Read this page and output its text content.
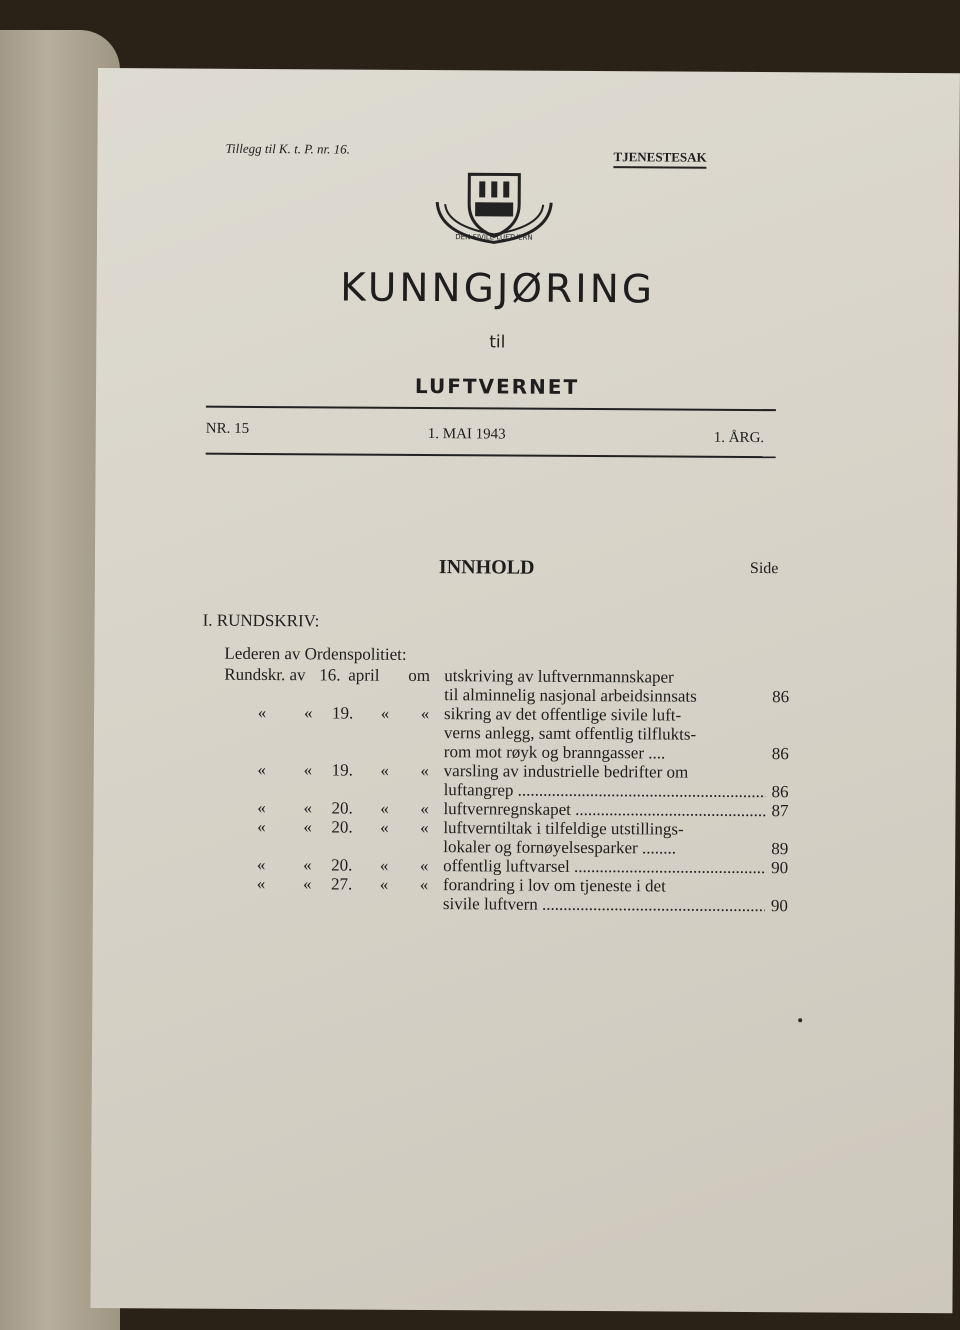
Tillegg til K. t. P. nr. 16.
TJENESTESAK
DEN SIVILE LUFTVERN
KUNNGJØRING
til
LUFTVERNET
NR. 15	1. MAI 1943	1. ÅRG.
INNHOLD	Side
I. RUNDSKRIV:
Lederen av Ordenspolitiet:
Rundskr. av 16. april om utskriving av luftvernmannskaper
til alminnelig nasjonal arbeidsinnsats	86
«	« 19.	«	« sikring av det offentlige sivile luft-
verns anlegg, samt offentlig tilflukts-
rom mot røyk og branngasser ....	86
«	« 19.	«	« varsling av industrielle bedrifter om
luftangrep .....	86
«	« 20.	«	« luftvernregnskapet .....	87
«	« 20.	«	« luftverntiltak i tilfeldige utstillings-
lokaler og fornøyelsesparker ........	89
«	« 20.	«	« offentlig luftvarsel .....	90
«	« 27.	«	« forandring i lov om tjeneste i det
sivile luftvern .....	90
